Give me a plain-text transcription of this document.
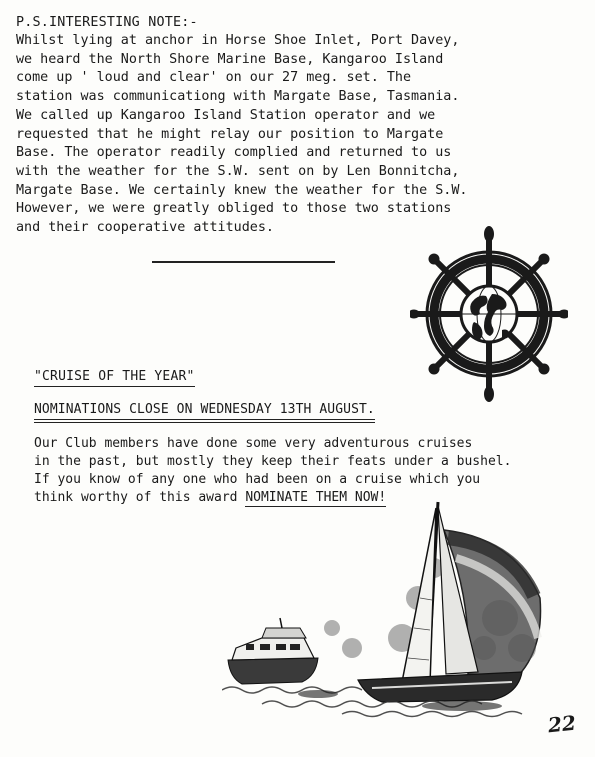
P.S.INTERESTING NOTE:-
Whilst lying at anchor in Horse Shoe Inlet, Port Davey,
we heard the North Shore Marine Base, Kangaroo Island
come up ' loud and clear' on our 27 meg. set. The
station was communicationg with Margate Base, Tasmania.
We called up Kangaroo Island Station operator and we
requested that he might relay our position to Margate
Base. The operator readily complied and returned to us
with the weather for the S.W. sent on by Len Bonnitcha,
Margate Base. We certainly knew the weather for the S.W.
However, we were greatly obliged to those two stations
and their cooperative attitudes.
"CRUISE OF THE YEAR"
NOMINATIONS CLOSE ON WEDNESDAY 13TH AUGUST.
Our Club members have done some very adventurous cruises
in the past, but mostly they keep their feats under a bushel.
If you know of any one who had been on a cruise which you
think worthy of this award NOMINATE THEM NOW!
22
